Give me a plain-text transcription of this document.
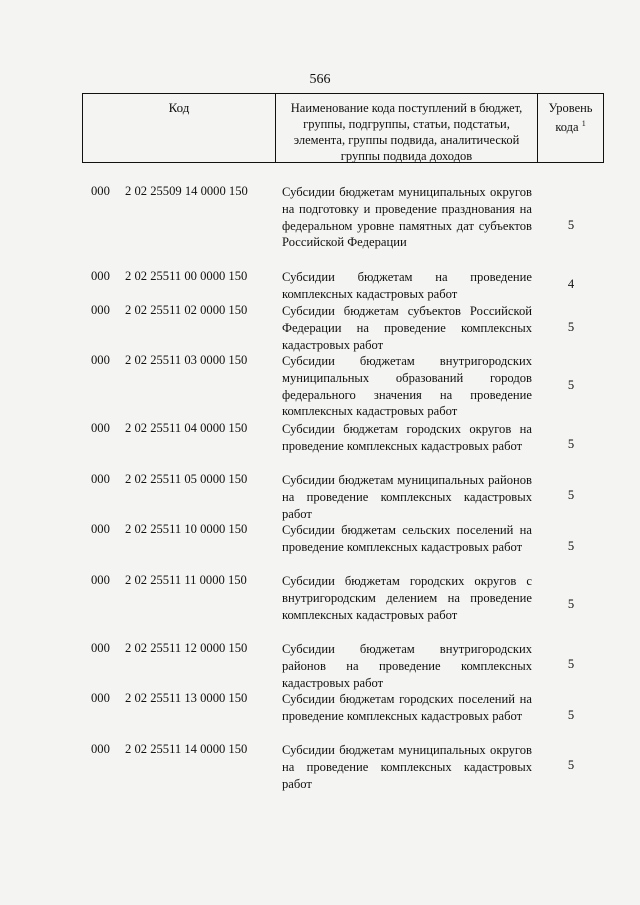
566
Код	Наименование кода поступлений в бюджет, группы, подгруппы, статьи, подстатьи, элемента, группы подвида, аналитической группы подвида доходов
Уровень кода $^1$
000 2 02 25509 14 0000 150	Субсидии бюджетам муниципальных округов на подготовку и проведение празднования на федеральном уровне памятных дат субъектов Российской Федерации
5
000 2 02 25511 00 0000 150	Субсидии бюджетам на проведение комплексных кадастровых работ
4
000 2 02 25511 02 0000 150	Субсидии бюджетам субъектов Российской Федерации на проведение комплексных кадастровых работ
5
000 2 02 25511 03 0000 150	Субсидии бюджетам внутригородских муниципальных образований городов федерального значения на проведение комплексных кадастровых работ
5
000 2 02 25511 04 0000 150	Субсидии бюджетам городских округов на проведение комплексных кадастровых работ	5
000 2 02 25511 05 0000 150	Субсидии бюджетам муниципальных районов на проведение комплексных кадастровых работ
5
000 2 02 25511 10 0000 150	Субсидии бюджетам сельских поселений на проведение комплексных кадастровых работ	5
000 2 02 25511 11 0000 150	Субсидии бюджетам городских округов с внутригородским делением на проведение комплексных кадастровых работ
5
000 2 02 25511 12 0000 150	Субсидии бюджетам внутригородских районов на проведение комплексных кадастровых работ
5
000 2 02 25511 13 0000 150	Субсидии бюджетам городских поселений на проведение комплексных кадастровых работ	5
000 2 02 25511 14 0000 150	Субсидии бюджетам муниципальных округов на проведение комплексных кадастровых работ
5
